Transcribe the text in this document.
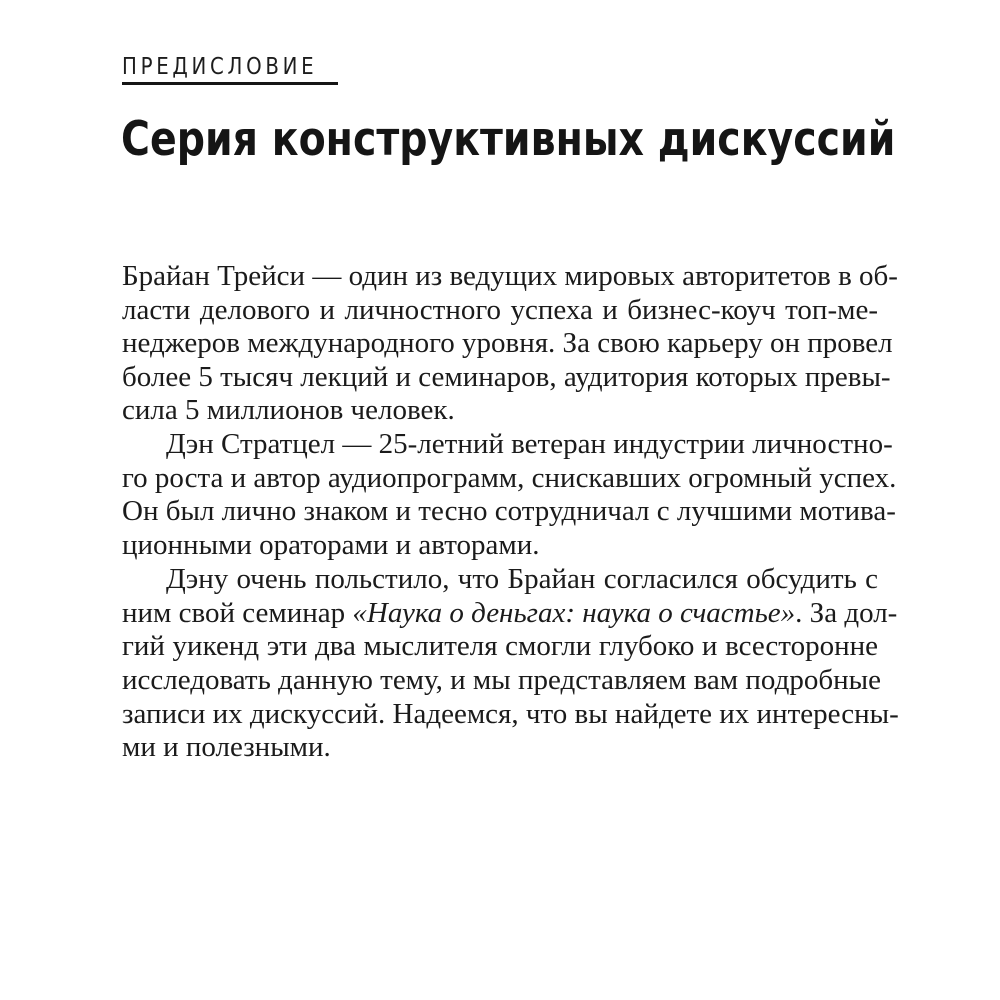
ПРЕДИСЛОВИЕ
Серия конструктивных дискуссий
Брайан Трейси — один из ведущих мировых авторитетов в об-
ласти делового и личностного успеха и бизнес-коуч топ-ме-
неджеров международного уровня. За свою карьеру он провел
более 5 тысяч лекций и семинаров, аудитория которых превы-
сила 5 миллионов человек.
Дэн Стратцел — 25-летний ветеран индустрии личностно-
го роста и автор аудиопрограмм, снискавших огромный успех.
Он был лично знаком и тесно сотрудничал с лучшими мотива-
ционными ораторами и авторами.
Дэну очень польстило, что Брайан согласился обсудить с
ним свой семинар «Наука о деньгах: наука о счастье». За дол-
гий уикенд эти два мыслителя смогли глубоко и всесторонне
исследовать данную тему, и мы представляем вам подробные
записи их дискуссий. Надеемся, что вы найдете их интересны-
ми и полезными.
